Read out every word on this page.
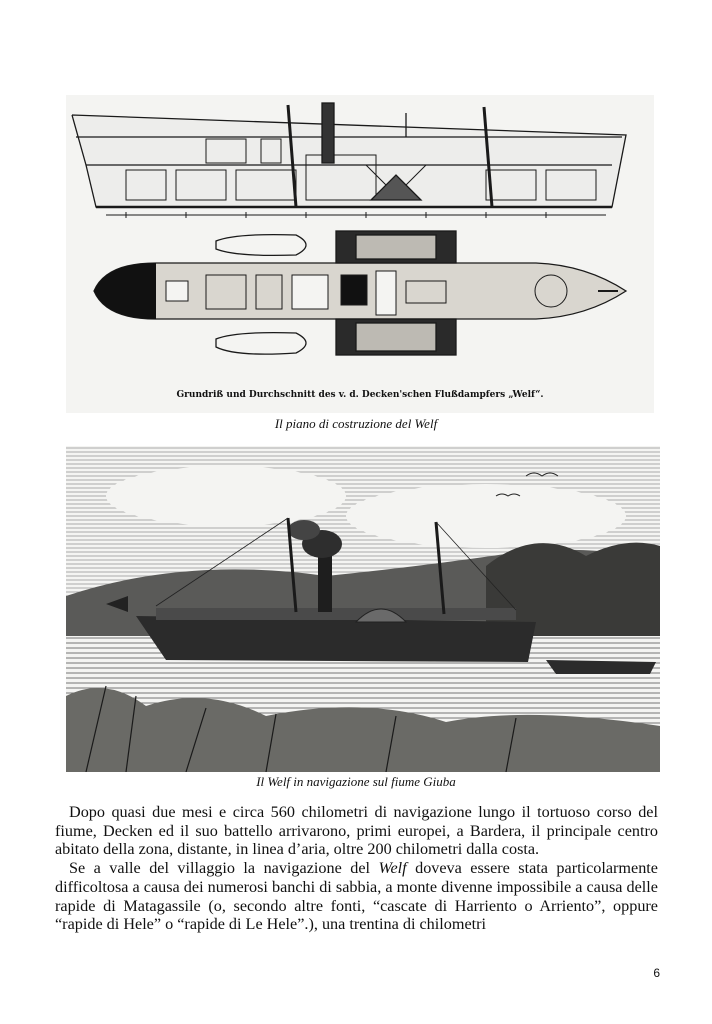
Grundriß und Durchschnitt des v. d. Decken'schen Flußdampfers „Welf“.
Il piano di costruzione del Welf
Il Welf in navigazione sul fiume Giuba

Dopo quasi due mesi e circa 560 chilometri di navigazione lungo il tortuoso corso del fiume, Decken ed il suo battello arrivarono, primi europei, a Bardera, il principale centro abitato della zona, distante, in linea d’aria, oltre 200 chilometri dalla costa.

Se a valle del villaggio la navigazione del Welf doveva essere stata particolarmente difficoltosa a causa dei numerosi banchi di sabbia, a monte divenne impossibile a causa delle rapide di Matagassile (o, secondo altre fonti, “cascate di Harriento o Arriento”, oppure “rapide di Hele” o “rapide di Le Hele”.), una trentina di chilometri

6
